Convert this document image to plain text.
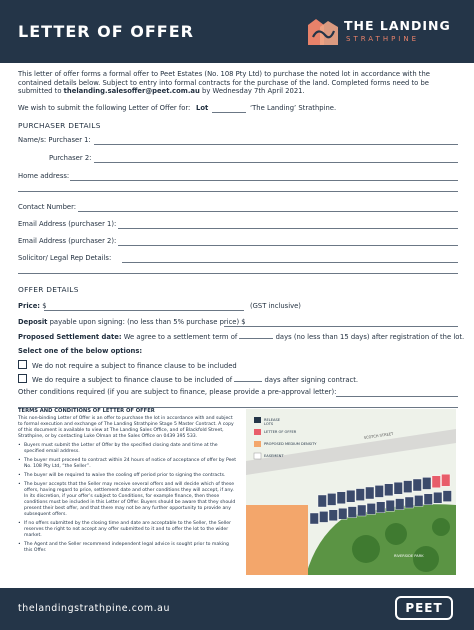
LETTER OF OFFER	THE LANDING
STRATHPINE
This letter of offer forms a formal offer to Peet Estates (No. 108 Pty Ltd) to purchase the noted lot in accordance with the contained details below. Subject to entry into formal contracts for the purchase of the land. Completed forms need to be submitted to thelanding.salesoffer@peet.com.au by Wednesday 7th April 2021.
We wish to submit the following Letter of Offer for: Lot	‘The Landing’ Strathpine.
PURCHASER DETAILS
Name/s: Purchaser 1:
Purchaser 2:
Home address:
Contact Number:
Email Address (purchaser 1):
Email Address (purchaser 2):
Solicitor/ Legal Rep Details:
OFFER DETAILS
Price: $	(GST inclusive)
Deposit payable upon signing: (no less than 5% purchase price) $
Proposed Settlement date: We agree to a settlement term of	days (no less than 15 days) after registration of the lot.
Select one of the below options:
We do not require a subject to finance clause to be included
We do require a subject to finance clause to be included of	days after signing contract.
Other conditions required (if you are subject to finance, please provide a pre-approval letter):
TERMS AND CONDITIONS OF LETTER OF OFFER
This non-binding Letter of Offer is an offer to purchase the lot in accordance with and subject to formal execution and exchange of The Landing Strathpine Stage 5 Master Contract. A copy of this document is available to view at The Landing Sales Office, and of Blackfold Street, Strathpine, or by contacting Luke Olman at the Sales Office on 0439 395 533.
• Buyers must submit the Letter of Offer by the specified closing date and time at the specified email address.
• The buyer must proceed to contract within 24 hours of notice of acceptance of offer by Peet No. 108 Pty Ltd, “the Seller”.
• The buyer will be required to waive the cooling off period prior to signing the contracts.
• The buyer accepts that the Seller may receive several offers and will decide which of these offers, having regard to price, settlement date and other conditions they will accept, if any. In its discretion, if your offer’s subject to Conditions, for example finance, then these conditions must be included in this Letter of Offer. Buyers should be aware that they should present their best offer, and that there may not be any further opportunity to provide any subsequent offers.
• If no offers submitted by the closing time and date are acceptable to the Seller, the Seller reserves the right to not accept any offer submitted to it and to offer the lot to the wider market.
• The Agent and the Seller recommend independent legal advice is sought prior to making this Offer.
RELEASE
LOTS
LETTER OF OFFER
PROPOSED MEDIUM DENSITY
EASEMENT
SCOTCH STREET
RIVERSIDE PARK
thelandingstrathpine.com.au	PEET
